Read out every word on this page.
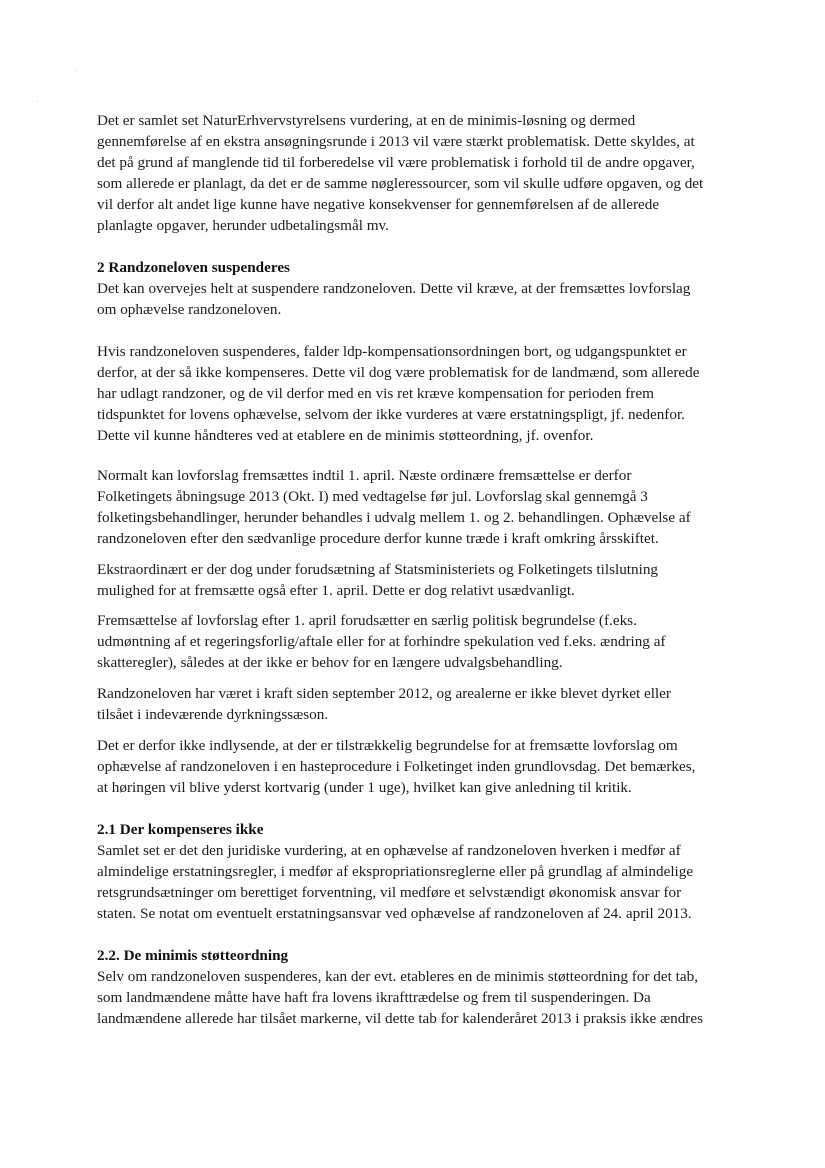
Det er samlet set NaturErhvervstyrelsens vurdering, at en de minimis-løsning og dermed

gennemførelse af en ekstra ansøgningsrunde i 2013 vil være stærkt problematisk. Dette skyldes, at

det på grund af manglende tid til forberedelse vil være problematisk i forhold til de andre opgaver,

som allerede er planlagt, da det er de samme nøgleressourcer, som vil skulle udføre opgaven, og det

vil derfor alt andet lige kunne have negative konsekvenser for gennemførelsen af de allerede

planlagte opgaver, herunder udbetalingsmål mv.

2 Randzoneloven suspenderes

Det kan overvejes helt at suspendere randzoneloven. Dette vil kræve, at der fremsættes lovforslag

om ophævelse randzoneloven.

Hvis randzoneloven suspenderes, falder ldp-kompensationsordningen bort, og udgangspunktet er

derfor, at der så ikke kompenseres. Dette vil dog være problematisk for de landmænd, som allerede

har udlagt randzoner, og de vil derfor med en vis ret kræve kompensation for perioden frem

tidspunktet for lovens ophævelse, selvom der ikke vurderes at være erstatningspligt, jf. nedenfor.

Dette vil kunne håndteres ved at etablere en de minimis støtteordning, jf. ovenfor.

Normalt kan lovforslag fremsættes indtil 1. april. Næste ordinære fremsættelse er derfor

Folketingets åbningsuge 2013 (Okt. I) med vedtagelse før jul. Lovforslag skal gennemgå 3

folketingsbehandlinger, herunder behandles i udvalg mellem 1. og 2. behandlingen. Ophævelse af

randzoneloven efter den sædvanlige procedure derfor kunne træde i kraft omkring årsskiftet.

Ekstraordinært er der dog under forudsætning af Statsministeriets og Folketingets tilslutning

mulighed for at fremsætte også efter 1. april. Dette er dog relativt usædvanligt.

Fremsættelse af lovforslag efter 1. april forudsætter en særlig politisk begrundelse (f.eks.

udmøntning af et regeringsforlig/aftale eller for at forhindre spekulation ved f.eks. ændring af

skatteregler), således at der ikke er behov for en længere udvalgsbehandling.

Randzoneloven har været i kraft siden september 2012, og arealerne er ikke blevet dyrket eller

tilsået i indeværende dyrkningssæson.

Det er derfor ikke indlysende, at der er tilstrækkelig begrundelse for at fremsætte lovforslag om

ophævelse af randzoneloven i en hasteprocedure i Folketinget inden grundlovsdag. Det bemærkes,

at høringen vil blive yderst kortvarig (under 1 uge), hvilket kan give anledning til kritik.

2.1 Der kompenseres ikke

Samlet set er det den juridiske vurdering, at en ophævelse af randzoneloven hverken i medfør af

almindelige erstatningsregler, i medfør af ekspropriationsreglerne eller på grundlag af almindelige

retsgrundsætninger om berettiget forventning, vil medføre et selvstændigt økonomisk ansvar for

staten. Se notat om eventuelt erstatningsansvar ved ophævelse af randzoneloven af 24. april 2013.

2.2. De minimis støtteordning

Selv om randzoneloven suspenderes, kan der evt. etableres en de minimis støtteordning for det tab,

som landmændene måtte have haft fra lovens ikrafttrædelse og frem til suspenderingen. Da

landmændene allerede har tilsået markerne, vil dette tab for kalenderåret 2013 i praksis ikke ændres
